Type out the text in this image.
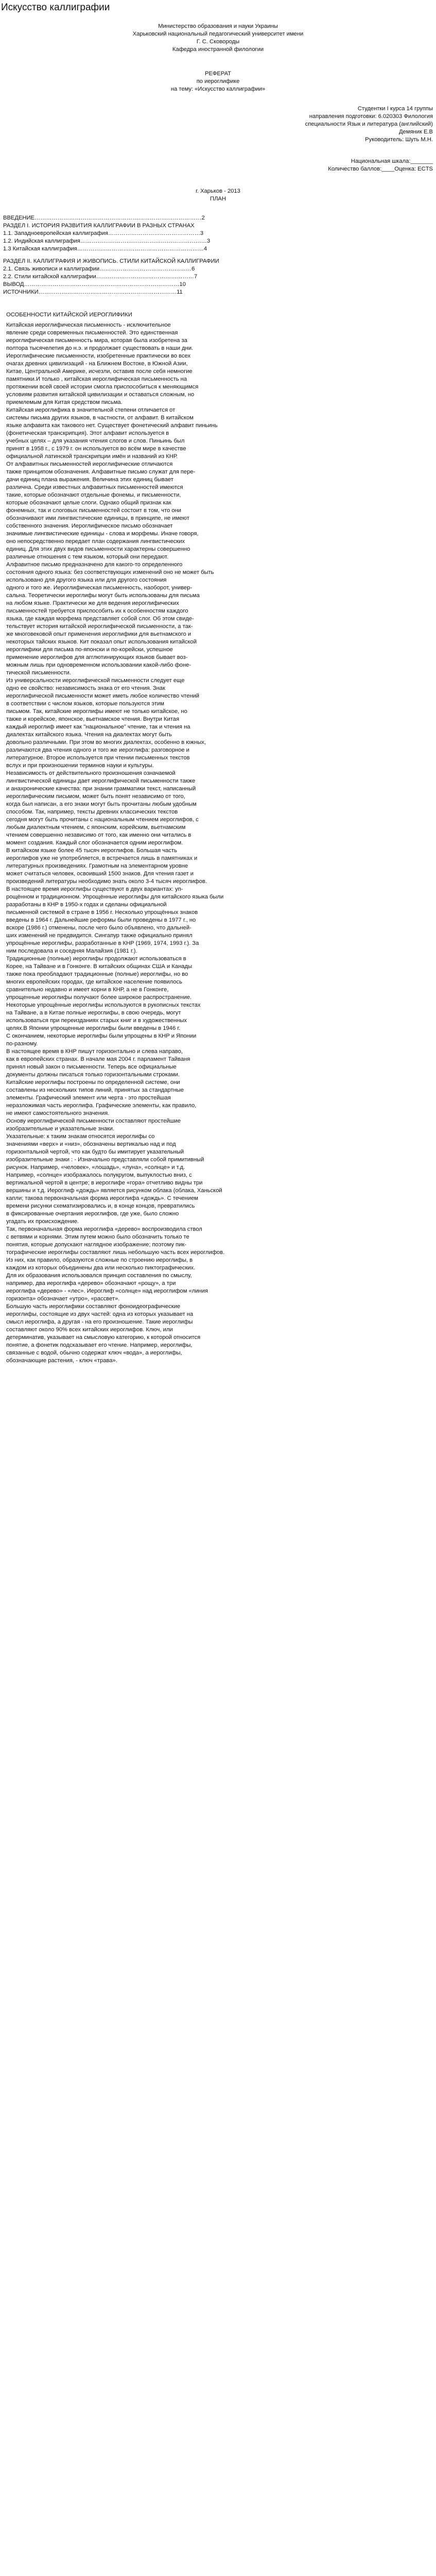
Искусство каллиграфии
Министерство образования и науки Украины
Харьковский национальный педагогический университет имени
Г. С. Сковороды
Кафедра иностранной филологии
РЕФЕРАТ
по иероглифике
на тему: «Искусство каллиграфии»
Студентки I курса 14 группы
направления подготовки: 6.020303 Филология
специальности Язык и литература (английский)
Демяник Е.В
Руководитель: Шуть М.Н.
Национальная шкала:_______
Количество баллов:____Оценка: ECTS
г. Харьков - 2013
ПЛАН
ВВЕДЕНИЕ……………………………………………………………………………2
РАЗДЕЛ I. ИСТОРИЯ РАЗВИТИЯ КАЛЛИГРАФИИ В РАЗНЫХ СТРАНАХ
1.1. Западноевропейская каллиграфия…………………………………………3
1.2. Индийская каллиграфия…………………………………………………………3
1.3 Китайская каллиграфия…………………………………………………………4
РАЗДЕЛ II. КАЛЛИГРАФИЯ И ЖИВОПИСЬ. СТИЛИ КИТАЙСКОЙ КАЛЛИГРАФИИ
2.1. Связь живописи и каллиграфии…………………………………………6
2.2. Стили китайской каллиграфии……………………………………………7
ВЫВОД………………………………………………………………………10
ИСТОЧНИКИ………………………………………………………………11
ОСОБЕННОСТИ КИТАЙСКОЙ ИЕРОГЛИФИКИ
Китайская иероглифическая письменность - исключительное
явление среди современных письменностей. Это единственная
иероглифическая письменность мира, которая была изобретена за
полтора тысячелетия до н.э. и продолжает существовать в наши дни.
Иероглифические письменности, изобретенные практически во всех
очагах древних цивилизаций - на Ближнем Востоке, в Южной Азии,
Китае, Центральной Америке, исчезли, оставив после себя немногие
памятники.И только , китайская иероглифическая письменность на
протяжении всей своей истории смогла приспособиться к меняющимся
условиям развития китайской цивилизации и оставаться сложным, но
приемлемым для Китая средством письма.
Китайская иероглифика в значительной степени отличается от
системы письма других языков, в частности, от алфавит. В китайском
языке алфавита как такового нет. Существует фонетический алфавит пиньинь
(фонетическая транскрипция). Этот алфавит используется в
учебных целях – для указания чтения слогов и слов. Пиньинь был
принят в 1958 г., с 1979 г. он используется во всём мире в качестве
официальной латинской транскрипции имён и названий из КНР.
От алфавитных письменностей иероглифические отличаются
также принципом обозначения. Алфавитные письмо служат для пере-
дачи единиц плана выражения. Величина этих единиц бывает
различна. Среди известных алфавитных письменностей имеются
такие, которые обозначают отдельные фонемы, и письменности,
которые обозначают целые слоги. Однако общий признак как
фонемных, так и слоговых письменностей состоит в том, что они
обозначивают ими лингвистические единицы, в принципе, не имеют
собственного значения. Иероглифическое письмо обозначает
значимые лингвистические единицы - слова и морфемы. Иначе говоря,
оно непосредственно передает план содержания лингвистических
единиц. Для этих двух видов письменности характерны совершенно
различные отношения с тем языком, который они передают.
Алфавитное письмо предназначено для какого-то определенного
состояния одного языка: без соответствующих изменений оно не может быть
использовано для другого языка или для другого состояния
одного и того же. Иероглифическая письменность, наоборот, универ-
сальна. Теоретически иероглифы могут быть использованы для письма
на любом языке. Практически же для ведения иероглифических
письменностей требуется приспособить их к особенностям каждого
языка, где каждая морфема представляет собой слог. Об этом свиде-
тельствует история китайской иероглифической письменности, а так-
же многовековой опыт применения иероглифики для вьетнамского и
некоторых тайских языков. Кит показал опыт использования китайской
иероглифики для письма по-японски и по-корейски, успешное
применение иероглифов для агглютинирующих языков бывает воз-
можным лишь при одновременном использовании какой-либо фоне-
тической письменности.
Из универсальности иероглифической письменности следует еще
одно ее свойство: независимость знака от его чтения. Знак
иероглифической письменности может иметь любое количество чтений
в соответствии с числом языков, которые пользуются этим
письмом. Так, китайские иероглифы имеют не только китайское, но
также и корейское, японское, вьетнамское чтения. Внутри Китая
каждый иероглиф имеет как "национальное" чтение, так и чтения на
диалектах китайского языка. Чтения на диалектах могут быть
довольно различными. При этом во многих диалектах, особенно в южных,
различаются два чтения одного и того же иероглифа: разговорное и
литературное. Второе используется при чтении письменных текстов
вслух и при произношении терминов науки и культуры.
Независимость от действительного произношения означаемой
лингвистической единицы дает иероглифической письменности также
и анахронические качества: при знании грамматики текст, написанный
иероглифическим письмом, может быть понят независимо от того,
когда был написан, а его знаки могут быть прочитаны любым удобным
способом. Так, например, тексты древних классических текстов
сегодня могут быть прочитаны с национальным чтением иероглифов, с
любым диалектным чтением, с японским, корейским, вьетнамским
чтением совершенно независимо от того, как именно они читались в
момент создания. Каждый слог обозначается одним иероглифом.
В китайском языке более 45 тысяч иероглифов. Большая часть
иероглифов уже не употребляется, в встречается лишь в памятниках и
литературных произведениях. Грамотным на элементарном уровне
может считаться человек, освоивший 1500 знаков. Для чтения газет и
произведений литературы необходимо знать около 3-4 тысяч иероглифов.
В настоящее время иероглифы существуют в двух вариантах: уп-
рощённом и традиционном. Упрощённые иероглифы для китайского языка были
разработаны в КНР в 1950-х годах и сделаны официальной
письменной системой в стране в 1956 г. Несколько упрощённых знаков
введены в 1964 г. Дальнейшие реформы были проведены в 1977 г., но
вскоре (1986 г.) отменены, после чего было объявлено, что дальней-
ших изменений не предвидится. Сингапур также официально принял
упрощённые иероглифы, разработанные в КНР (1969, 1974, 1993 г.). За
ним последовала и соседняя Малайзия (1981 г.).
Традиционные (полные) иероглифы продолжают использоваться в
Корее, на Тайване и в Гонконге. В китайских общинах США и Канады
также пока преобладают традиционные (полные) иероглифы, но во
многих европейских городах, где китайское население появилось
сравнительно недавно и имеет корни в КНР, а не в Гонконге,
упрощенные иероглифы получают более широкое распространение.
Некоторые упрощённые иероглифы используются в рукописных текстах
на Тайване, а в Китае полные иероглифы, в свою очередь, могут
использоваться при переизданиях старых книг и в художественных
целях.В Японии упрощенные иероглифы были введены в 1946 г.
С окончанием, некоторые иероглифы были упрощены в КНР и Японии
по-разному.
В настоящее время в КНР пишут горизонтально и слева направо,
как в европейских странах. В начале мая 2004 г. парламент Тайваня
принял новый закон о письменности. Теперь все официальные
документы должны писаться только горизонтальными строками.
Китайские иероглифы построены по определенной системе, они
составлены из нескольких типов линий, принятых за стандартные
элементы. Графический элемент или черта - это простейшая
неразложимая часть иероглифа. Графические элементы, как правило,
не имеют самостоятельного значения.
Основу иероглифической письменности составляют простейшие
изобразительные и указательные знаки.
Указательные: к таким знакам относятся иероглифы со
значениями «верх» и «низ», обозначены вертикалью над и под
горизонтальной чертой, что как будто бы имитирует указательный
изобразительные знаки : - Изначально представляли собой примитивный
рисунок. Например, «человек», «лошадь», «луна», «солнце» и т.д.
Например, «солнце» изображалось полукругом, выпуклостью вниз, с
вертикальной чертой в центре; в иероглифе «гора» отчетливо видны три
вершины и т.д. Иероглиф «дождь» является рисунком облака (облака, Ханьской
капли; такова первоначальная форма иероглифа «дождь». С течением
времени рисунки схематизировались и, в конце концов, превратились
в фиксированные очертания иероглифов, где уже, было сложно
угадать их происхождение.
Так, первоначальная форма иероглифа «дерево» воспроизводила ствол
с ветвями и корнями. Этим путем можно было обозначить только те
понятия, которые допускают наглядное изображение; поэтому пик-
тографические иероглифы составляют лишь небольшую часть всех иероглифов.
Из них, как правило, образуются сложные по строению иероглифы, в
каждом из которых объединены два или несколько пиктографических.
Для их образования использовался принцип составления по смыслу,
например, два иероглифа «дерево» обозначают «рощу», а три
иероглифа «дерево» - «лес». Иероглиф «солнце» над иероглифом «линия
горизонта» обозначает «утро», «рассвет».
Большую часть иероглифики составляют фоноидеографические
иероглифы, состоящие из двух частей: одна из которых указывает на
смысл иероглифа, а другая - на его произношение. Такие иероглифы
составляют около 90% всех китайских иероглифов. Ключ, или
детерминатив, указывает на смысловую категорию, к которой относится
понятие, а фонетик подсказывает его чтение. Например, иероглифы,
связанные с водой, обычно содержат ключ «вода», а иероглифы,
обозначающие растения, - ключ «трава».
